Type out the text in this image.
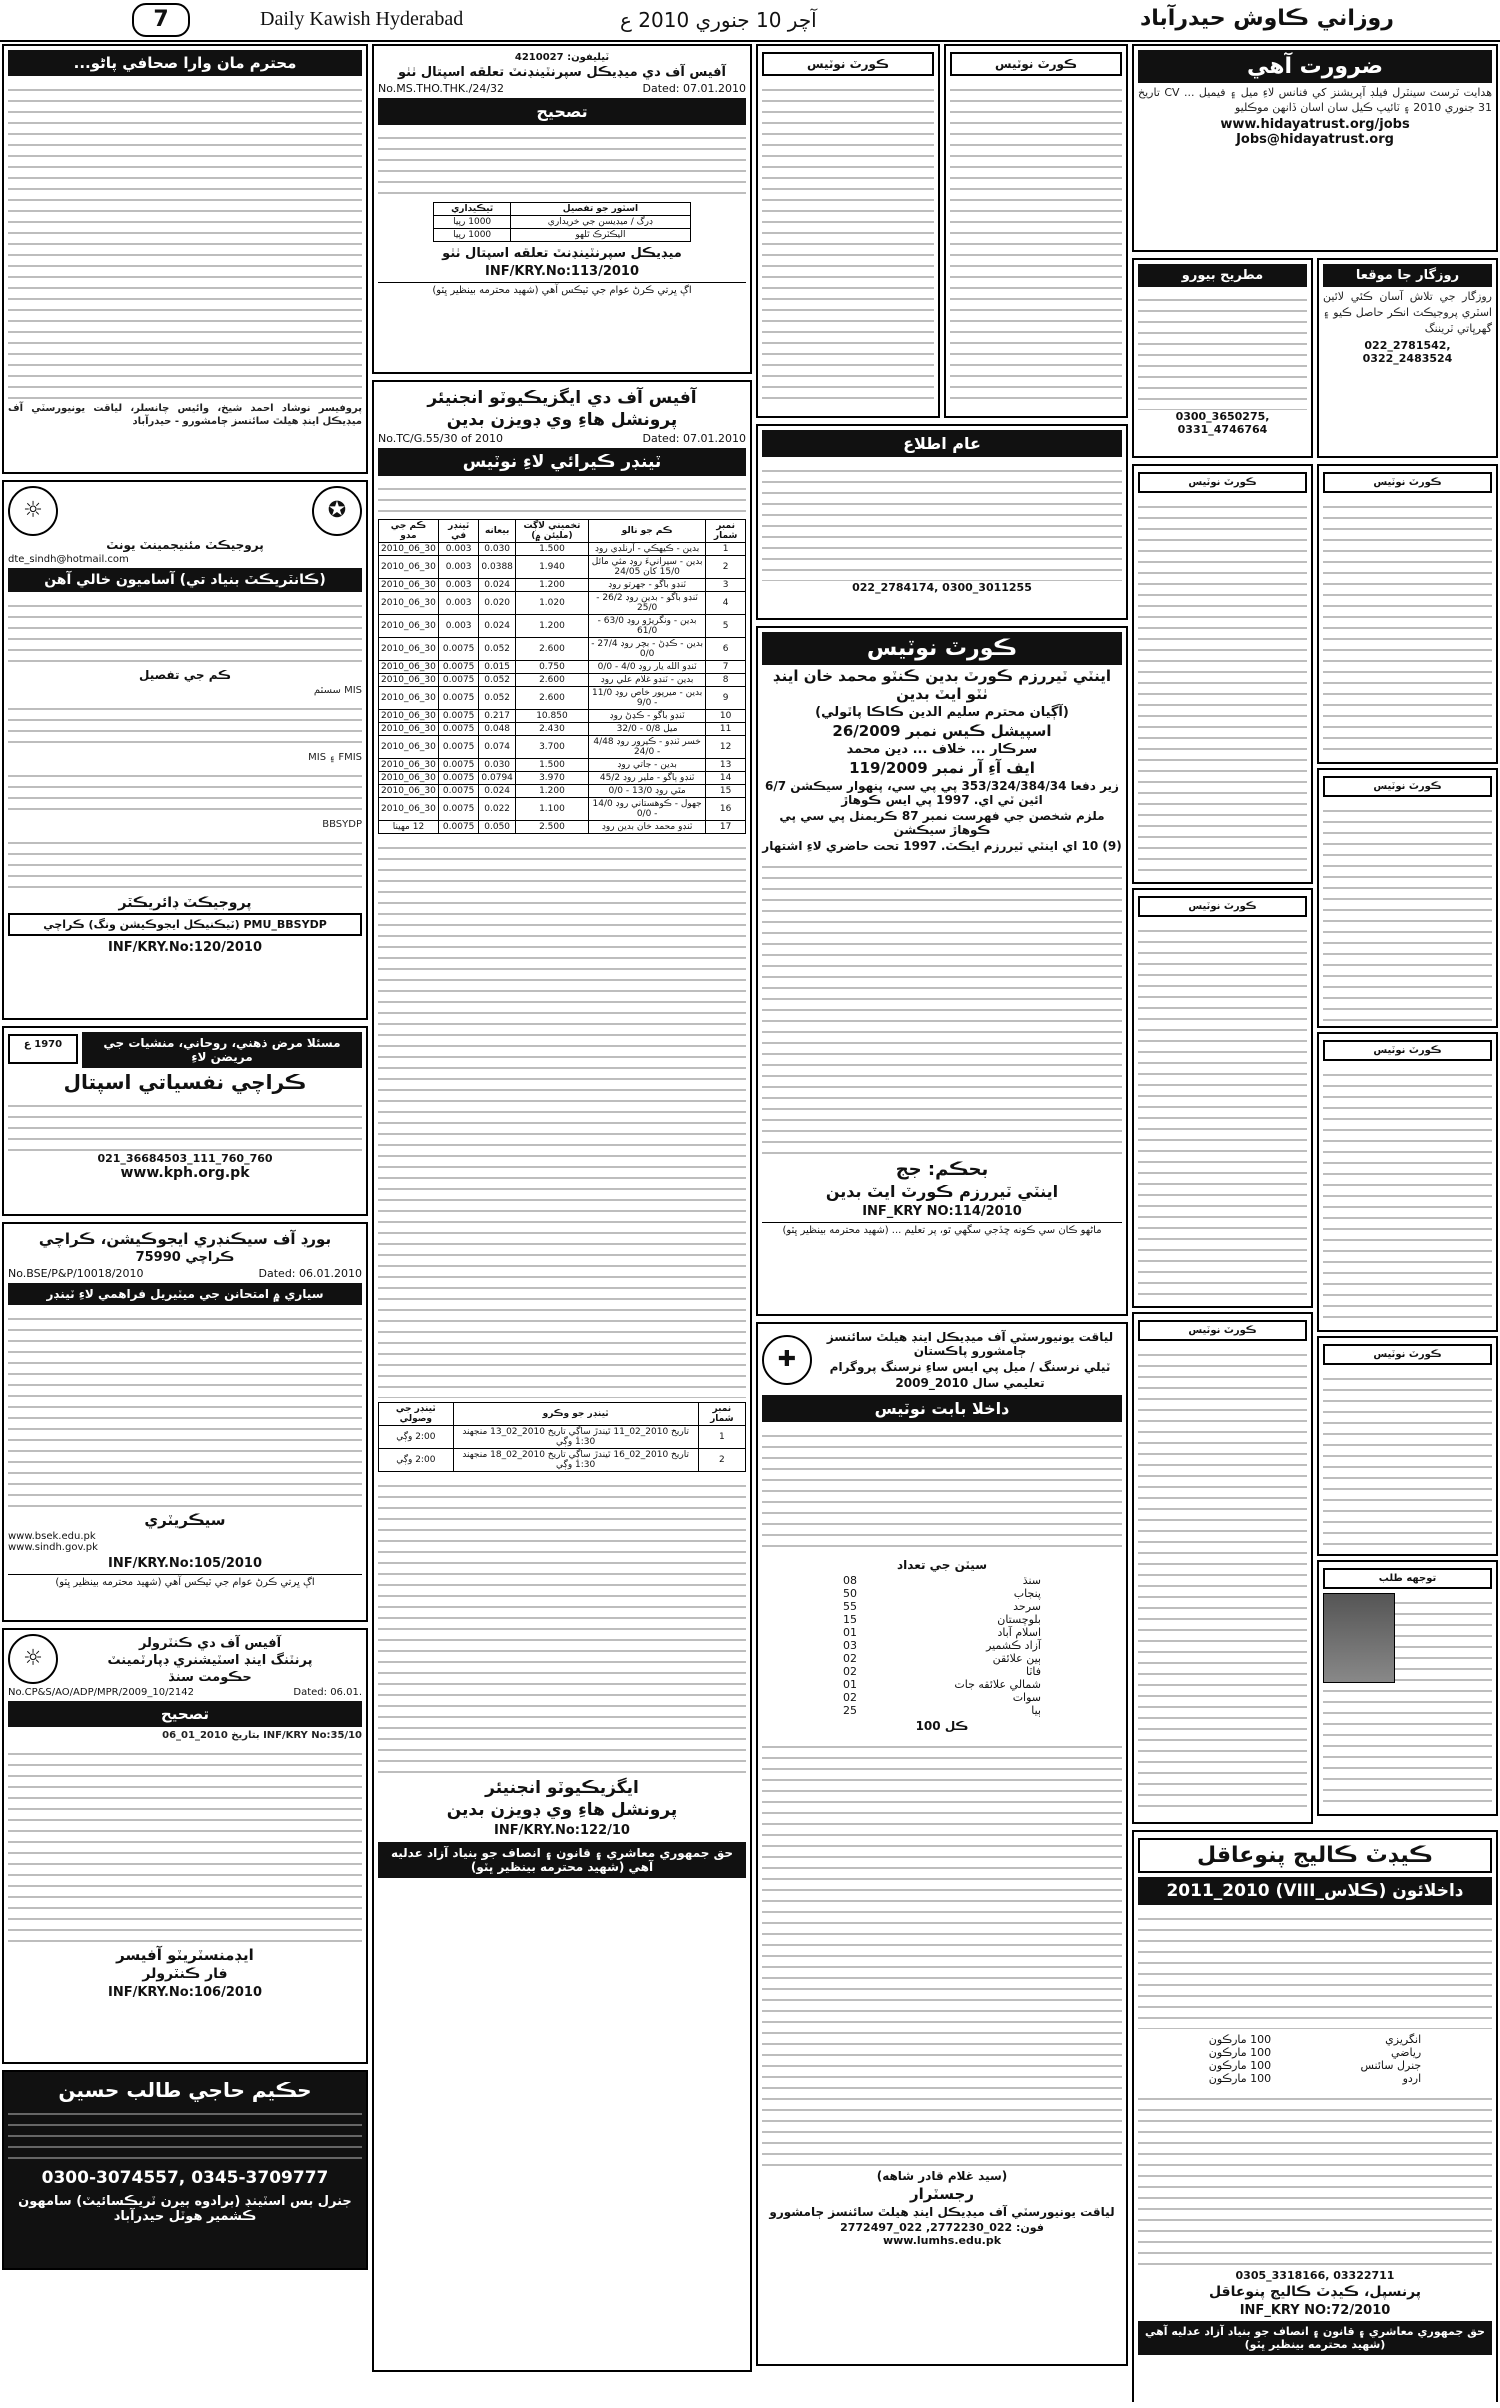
7	Daily Kawish Hyderabad	آچر 10 جنوري 2010 ع	روزاني ڪاوش حيدرآباد
محترم مان وارا صحافي پاڻو...
پروفيسر نوشاد احمد شيخ، وائيس چانسلر، لياقت يونيورسٽي آف ميڊيڪل اينڊ هيلٿ سائنسز ڄامشورو - حيدرآباد
☼	✪
پروجيڪٽ مئنيجمينٽ يونٽ
dte_sindh@hotmail.com
(ڪانٽريڪٽ بنياد تي) آساميون خالي آهن
ڪم جي تفصيل
MIS سسٽم
FMIS ۽ MIS
BBSYDP
پروجيڪٽ ڊائريڪٽر
PMU_BBSYDP (ٽيڪنيڪل ايجوڪيشن ونگ) ڪراچي
INF/KRY.No:120/2010
1970 ع	مسئلا مرض ذهني، روحاني، منشيات جي مريضن لاءِ
ڪراچي نفسياتي اسپتال
021_36684503_111_760_760
www.kph.org.pk
بورڊ آف سيڪنڊري ايجوڪيشن، ڪراچي
ڪراچي 75990
No.BSE/P&P/10018/2010	Dated: 06.01.2010
سياري ۾ امتحانن جي ميٽيريل فراهمي لاءِ ٽينڊر
سيڪريٽري
www.bsek.edu.pk
www.sindh.gov.pk
INF/KRY.No:105/2010
اڳ ڀرتي ڪرڻ عوام جي ٽيڪس آهي (شهيد محترمه بينظير ڀٽو)
☼
آفيس آف دي ڪنٽرولر
پرنٽنگ اينڊ اسٽيشنري ڊپارٽمينٽ
حڪومت سنڌ
No.CP&S/AO/ADP/MPR/2009_10/2142	Dated: 06.01.
تصحيح
INF/KRY No:35/10 بتاريخ 2010_01_06
ايڊمنسٽريٽو آفيسر
فار ڪنٽرولر
INF/KRY.No:106/2010
حڪيم حاجي طالب حسين
0300-3074557, 0345-3709777
جنرل بس اسٽينڊ (برادوه بيرن ٽريڪسائيٽ) سامهون ڪشمير هوٽل حيدرآباد
ٽيليفون: 4210027
آفيس آف دي ميڊيڪل سپرنٽينڊنٽ تعلقه اسپتال ٺٺو
No.MS.THO.THK./24/32	Dated: 07.01.2010
تصحيح
اسٽور جو تفصيل	ٿيڪيداري
ڊرگ / ميڊيسن جي خريداري	1000 رپيا
اليڪٽرڪ ٿلهو	1000 رپيا
ميڊيڪل سپرنٽينڊنٽ تعلقه اسپتال ٺٺو
INF/KRY.No:113/2010
اڳ ڀرتي ڪرڻ عوام جي ٽيڪس آهي (شهيد محترمه بينظير ڀٽو)
آفيس آف دي ايگزيڪيوٽو انجنيئر
پرونشل هاءِ وي ڊويزن بدين
No.TC/G.55/30 of 2010	Dated: 07.01.2010
ٽينڊر ڪيرائي لاءِ نوٽيس
نمبر شمار	ڪم جو نالو	تخميني لاڳت (مليئن ۾)	بيعانه	ٽينڊر في	ڪم جي مدو
1	بدين - ڪيهڪي - آرنلڊي روڊ	1.500	0.030	0.003	30_06_2010
2	بدين - سيرانيءَ روڊ مثي مائل 15/0 کان 24/05	1.940	0.0388	0.003	30_06_2010
3	ٽنڊو باگو - جهرتو روڊ	1.200	0.024	0.003	30_06_2010
4	ٽنڊو باگو - بدين روڊ 26/2 - 25/0	1.020	0.020	0.003	30_06_2010
5	بدين - ونگريڙو روڊ 63/0 - 61/0	1.200	0.024	0.003	30_06_2010
6	بدين - ڪڍڻ - بچر روڊ 27/4 - 0/0	2.600	0.052	0.0075	30_06_2010
7	ٽنڊو الله يار روڊ 4/0 - 0/0	0.750	0.015	0.0075	30_06_2010
8	بدين - ٽنڊو غلام علي روڊ	2.600	0.052	0.0075	30_06_2010
9	بدين - ميرپور خاص روڊ 11/0 - 9/0	2.600	0.052	0.0075	30_06_2010
10	ٽنڊو باگو - ڪڍڻ روڊ	10.850	0.217	0.0075	30_06_2010
11	ميل 0/8 - 32/0	2.430	0.048	0.0075	30_06_2010
12	خسر ٽنڊو - ڪيرور روڊ 4/48 - 24/0	3.700	0.074	0.0075	30_06_2010
13	بدين - جاتي روڊ	1.500	0.030	0.0075	30_06_2010
14	ٽنڊو ٻاگو - ملير روڊ 45/2	3.970	0.0794	0.0075	30_06_2010
15	مٿي روڊ 13/0 - 0/0	1.200	0.024	0.0075	30_06_2010
16	جهول - ڪوهستاني روڊ 14/0 - 0/0	1.100	0.022	0.0075	30_06_2010
17	ٽنڊو محمد خان بدين روڊ	2.500	0.050	0.0075	12 مهينا
نمبر شمار	ٽينڊر جو وڪرو	ٽينڊر جي وصولي
1	تاريخ 2010_02_11 ٿيندڙ ساڳي تاريخ 2010_02_13 منجهند 1:30 وڳي	2:00 وڳي
2	تاريخ 2010_02_16 ٿيندڙ ساڳي تاريخ 2010_02_18 منجهند 1:30 وڳي	2:00 وڳي
ايگزيڪيوٽو انجنيئر
پرونشل هاءِ وي ڊويزن بدين
INF/KRY.No:122/10
حق جمهوري معاشري ۽ قانون ۽ انصاف جو بنياد آزاد عدليه آهي (شهيد محترمه بينظير ڀٽو)
ڪورٽ نوٽيس	ڪورٽ نوٽيس
عام اطلاع
022_2784174, 0300_3011255
ڪورٽ نوٽيس
اينٽي ٽيررزم ڪورٽ بدين ڪنٽو محمد خان اينڊ ٺٽو ايٽ بدين
(آڳيان محترم سليم الدين ڪاڪا پاٽولي)
اسپيشل ڪيس نمبر 26/2009
سرڪار ... خلاف ... دين محمد
ايف آءِ آر نمبر 119/2009
زير دفعا 353/324/384/34 پي پي سي، پنهوار سيڪشن 6/7 ائين ٽي اي. 1997 پي ايس ڪوهاڙ
ملزم شخصن جي فهرست نمبر 87 ڪريمنل پي سي پي ڪوهاڙ سيڪشن
(9) 10 اي اينٽي ٽيررزم ايڪٽ. 1997 تحت حاضري لاءِ اشتهار
بحڪم: جج
اينٽي ٽيررزم ڪورٽ ايٽ بدين
INF_KRY NO:114/2010
ماڻهو ڪان سي ڪونه ڇڏجي سگهي ٿو، پر تعليم ... (شهيد محترمه بينظير ڀٽو)
✚
لياقت يونيورسٽي آف ميڊيڪل اينڊ هيلٿ سائنسز ڄامشورو پاڪستان
ٽيلي نرسنگ / ميل پي ايس ساءِ نرسنگ پروگرام
تعليمي سال 2010_2009
داخلا بابت نوٽيس
سيٽن جي تعداد
سنڌ
08
پنجاب
50
سرحد
55
بلوچستان
15
اسلام آباد
01
آزاد ڪشمير
03
ٻين علائقن
02
فاٽا
02
شمالي علائقه جات
01
سوات
02
ٻيا
25
ڪل 100
(سيد غلام قادر شاهه)
رجسٽرار
لياقت يونيورسٽي آف ميڊيڪل اينڊ هيلٿ سائنسز ڄامشورو
فون: 022_2772230, 022_2772497
www.lumhs.edu.pk
ضرورت آهي
هدايت ٽرسٽ سينٽرل فيلڊ آپريشنز کي فنانس لاءِ ميل ۽ فيميل ... CV تاريخ 31 جنوري 2010 ۽ ٽائيپ ڪيل سان اسان ڏانهن موڪليو
www.hidayatrust.org/jobs
Jobs@hidayatrust.org
مطريح بيورو
0300_3650275, 0331_4746764
روزگار جا موقعا
روزگار جي تلاش آسان ڪئي لائين اسٽري پروجيڪٽ انڪر حاصل ڪيو ۽ گهرڀاتي ٽريننگ
022_2781542, 0322_2483524
ڪورٽ نوٽيس
ڪورٽ نوٽيس
ڪورٽ نوٽيس
ڪورٽ نوٽيس
ڪورٽ نوٽيس
ڪورٽ نوٽيس
ڪورٽ نوٽيس
توجهه طلب
ڪيڊٽ ڪاليج پنوعاقل
داخلائون (ڪلاس_VIII) 2011_2010
انگريزي
100 مارڪون
رياضي
100 مارڪون
جنرل سائنس
100 مارڪون
اردو
100 مارڪون
0305_3318166, 03322711
پرنسپل، ڪيڊٽ ڪاليج پنوعاقل
INF_KRY NO:72/2010
حق جمهوري معاشري ۽ قانون ۽ انصاف جو بنياد آزاد عدليه آهي (شهيد محترمه بينظير ڀٽو)
